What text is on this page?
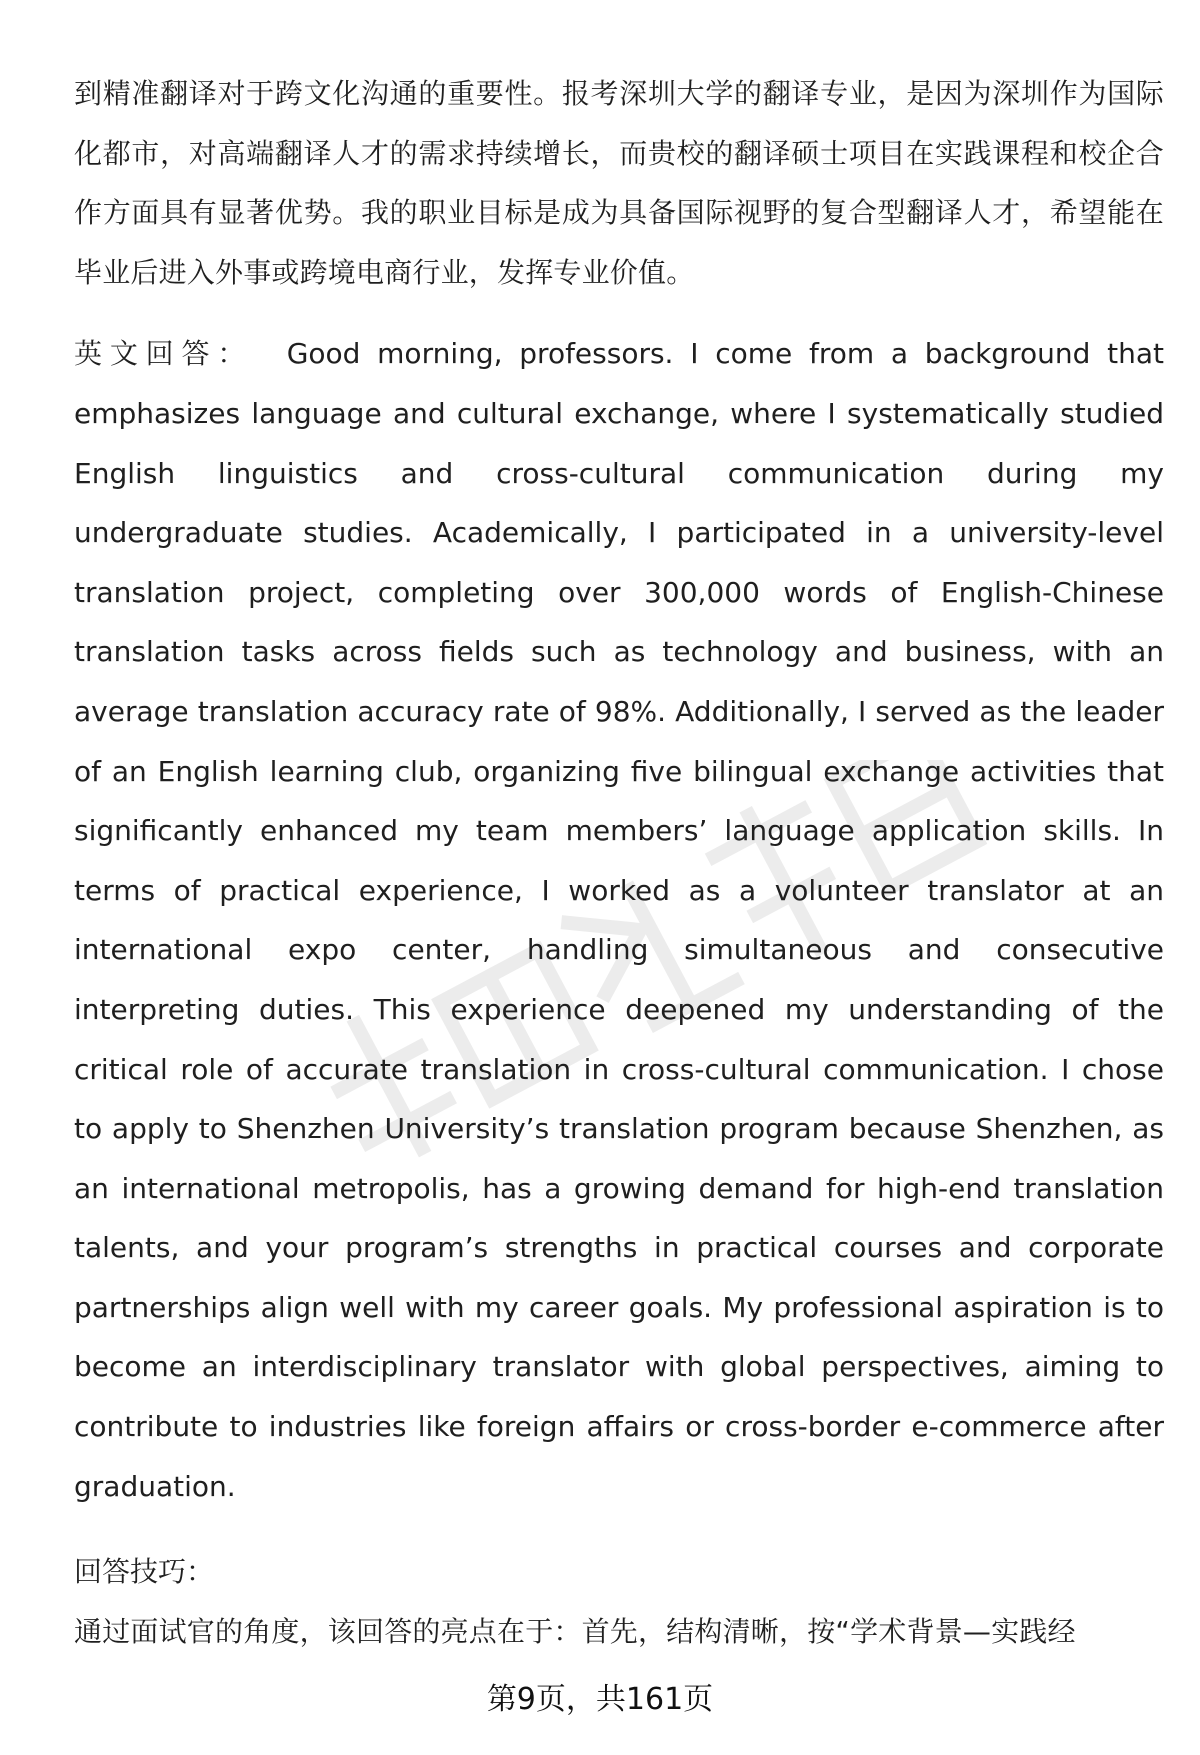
到精准翻译对于跨文化沟通的重要性。报考深圳大学的翻译专业，是因为深圳作为国际化都市，对高端翻译人才的需求持续增长，而贵校的翻译硕士项目在实践课程和校企合作方面具有显著优势。我的职业目标是成为具备国际视野的复合型翻译人才，希望能在毕业后进入外事或跨境电商行业，发挥专业价值。

英文回答： Good morning, professors. I come from a background that emphasizes language and cultural exchange, where I systematically studied English linguistics and cross-cultural communication during my undergraduate studies. Academically, I participated in a university-level translation project, completing over 300,000 words of English-Chinese translation tasks across fields such as technology and business, with an average translation accuracy rate of 98%. Additionally, I served as the leader of an English learning club, organizing five bilingual exchange activities that significantly enhanced my team members’ language application skills. In terms of practical experience, I worked as a volunteer translator at an international expo center, handling simultaneous and consecutive interpreting duties. This experience deepened my understanding of the critical role of accurate translation in cross-cultural communication. I chose to apply to Shenzhen University’s translation program because Shenzhen, as an international metropolis, has a growing demand for high-end translation talents, and your program’s strengths in practical courses and corporate partnerships align well with my career goals. My professional aspiration is to become an interdisciplinary translator with global perspectives, aiming to contribute to industries like foreign affairs or cross-border e-commerce after graduation.

回答技巧：

通过面试官的角度，该回答的亮点在于：首先，结构清晰，按“学术背景—实践经

第9页，共161页
